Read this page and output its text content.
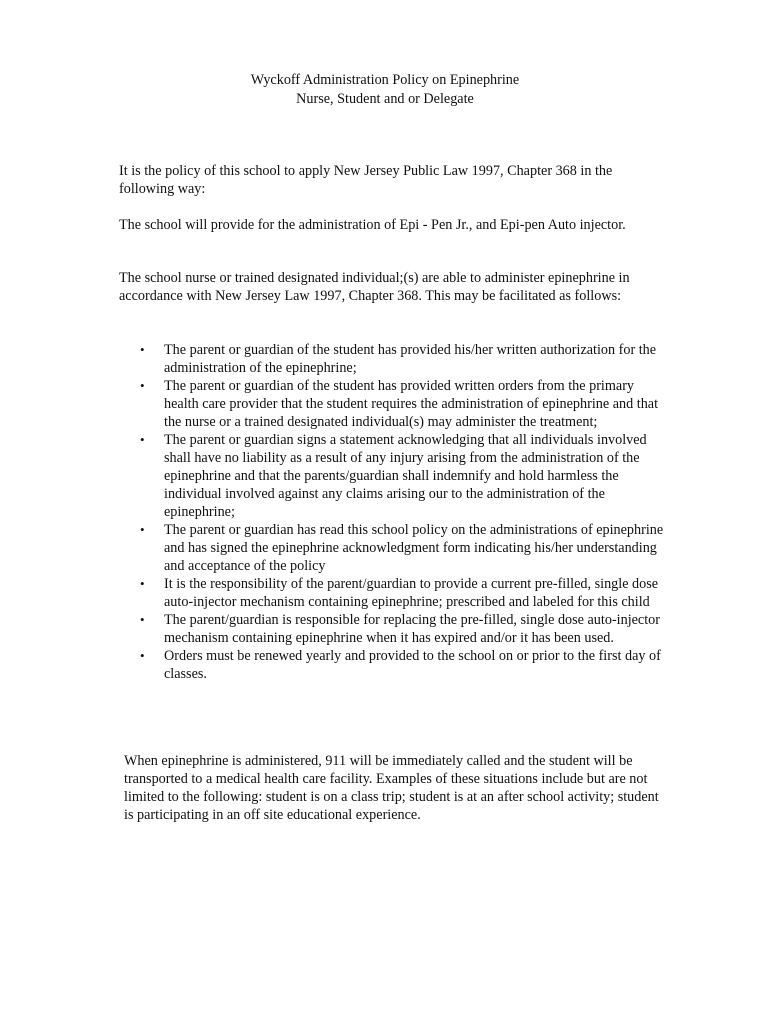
Wyckoff Administration Policy on Epinephrine
Nurse, Student and or Delegate

It is the policy of this school to apply New Jersey Public Law 1997, Chapter 368 in the following way:

The school will provide for the administration of Epi - Pen Jr., and Epi-pen Auto injector.

The school nurse or trained designated individual;(s) are able to administer epinephrine in accordance with New Jersey Law 1997, Chapter 368. This may be facilitated as follows:

• The parent or guardian of the student has provided his/her written authorization for the administration of the epinephrine;
• The parent or guardian of the student has provided written orders from the primary health care provider that the student requires the administration of epinephrine and that the nurse or a trained designated individual(s) may administer the treatment;
• The parent or guardian signs a statement acknowledging that all individuals involved shall have no liability as a result of any injury arising from the administration of the epinephrine and that the parents/guardian shall indemnify and hold harmless the individual involved against any claims arising our to the administration of the epinephrine;
• The parent or guardian has read this school policy on the administrations of epinephrine and has signed the epinephrine acknowledgment form indicating his/her understanding and acceptance of the policy
• It is the responsibility of the parent/guardian to provide a current pre-filled, single dose auto-injector mechanism containing epinephrine; prescribed and labeled for this child
• The parent/guardian is responsible for replacing the pre-filled, single dose auto-injector mechanism containing epinephrine when it has expired and/or it has been used.
• Orders must be renewed yearly and provided to the school on or prior to the first day of classes.

When epinephrine is administered, 911 will be immediately called and the student will be transported to a medical health care facility. Examples of these situations include but are not limited to the following: student is on a class trip; student is at an after school activity; student is participating in an off site educational experience.
